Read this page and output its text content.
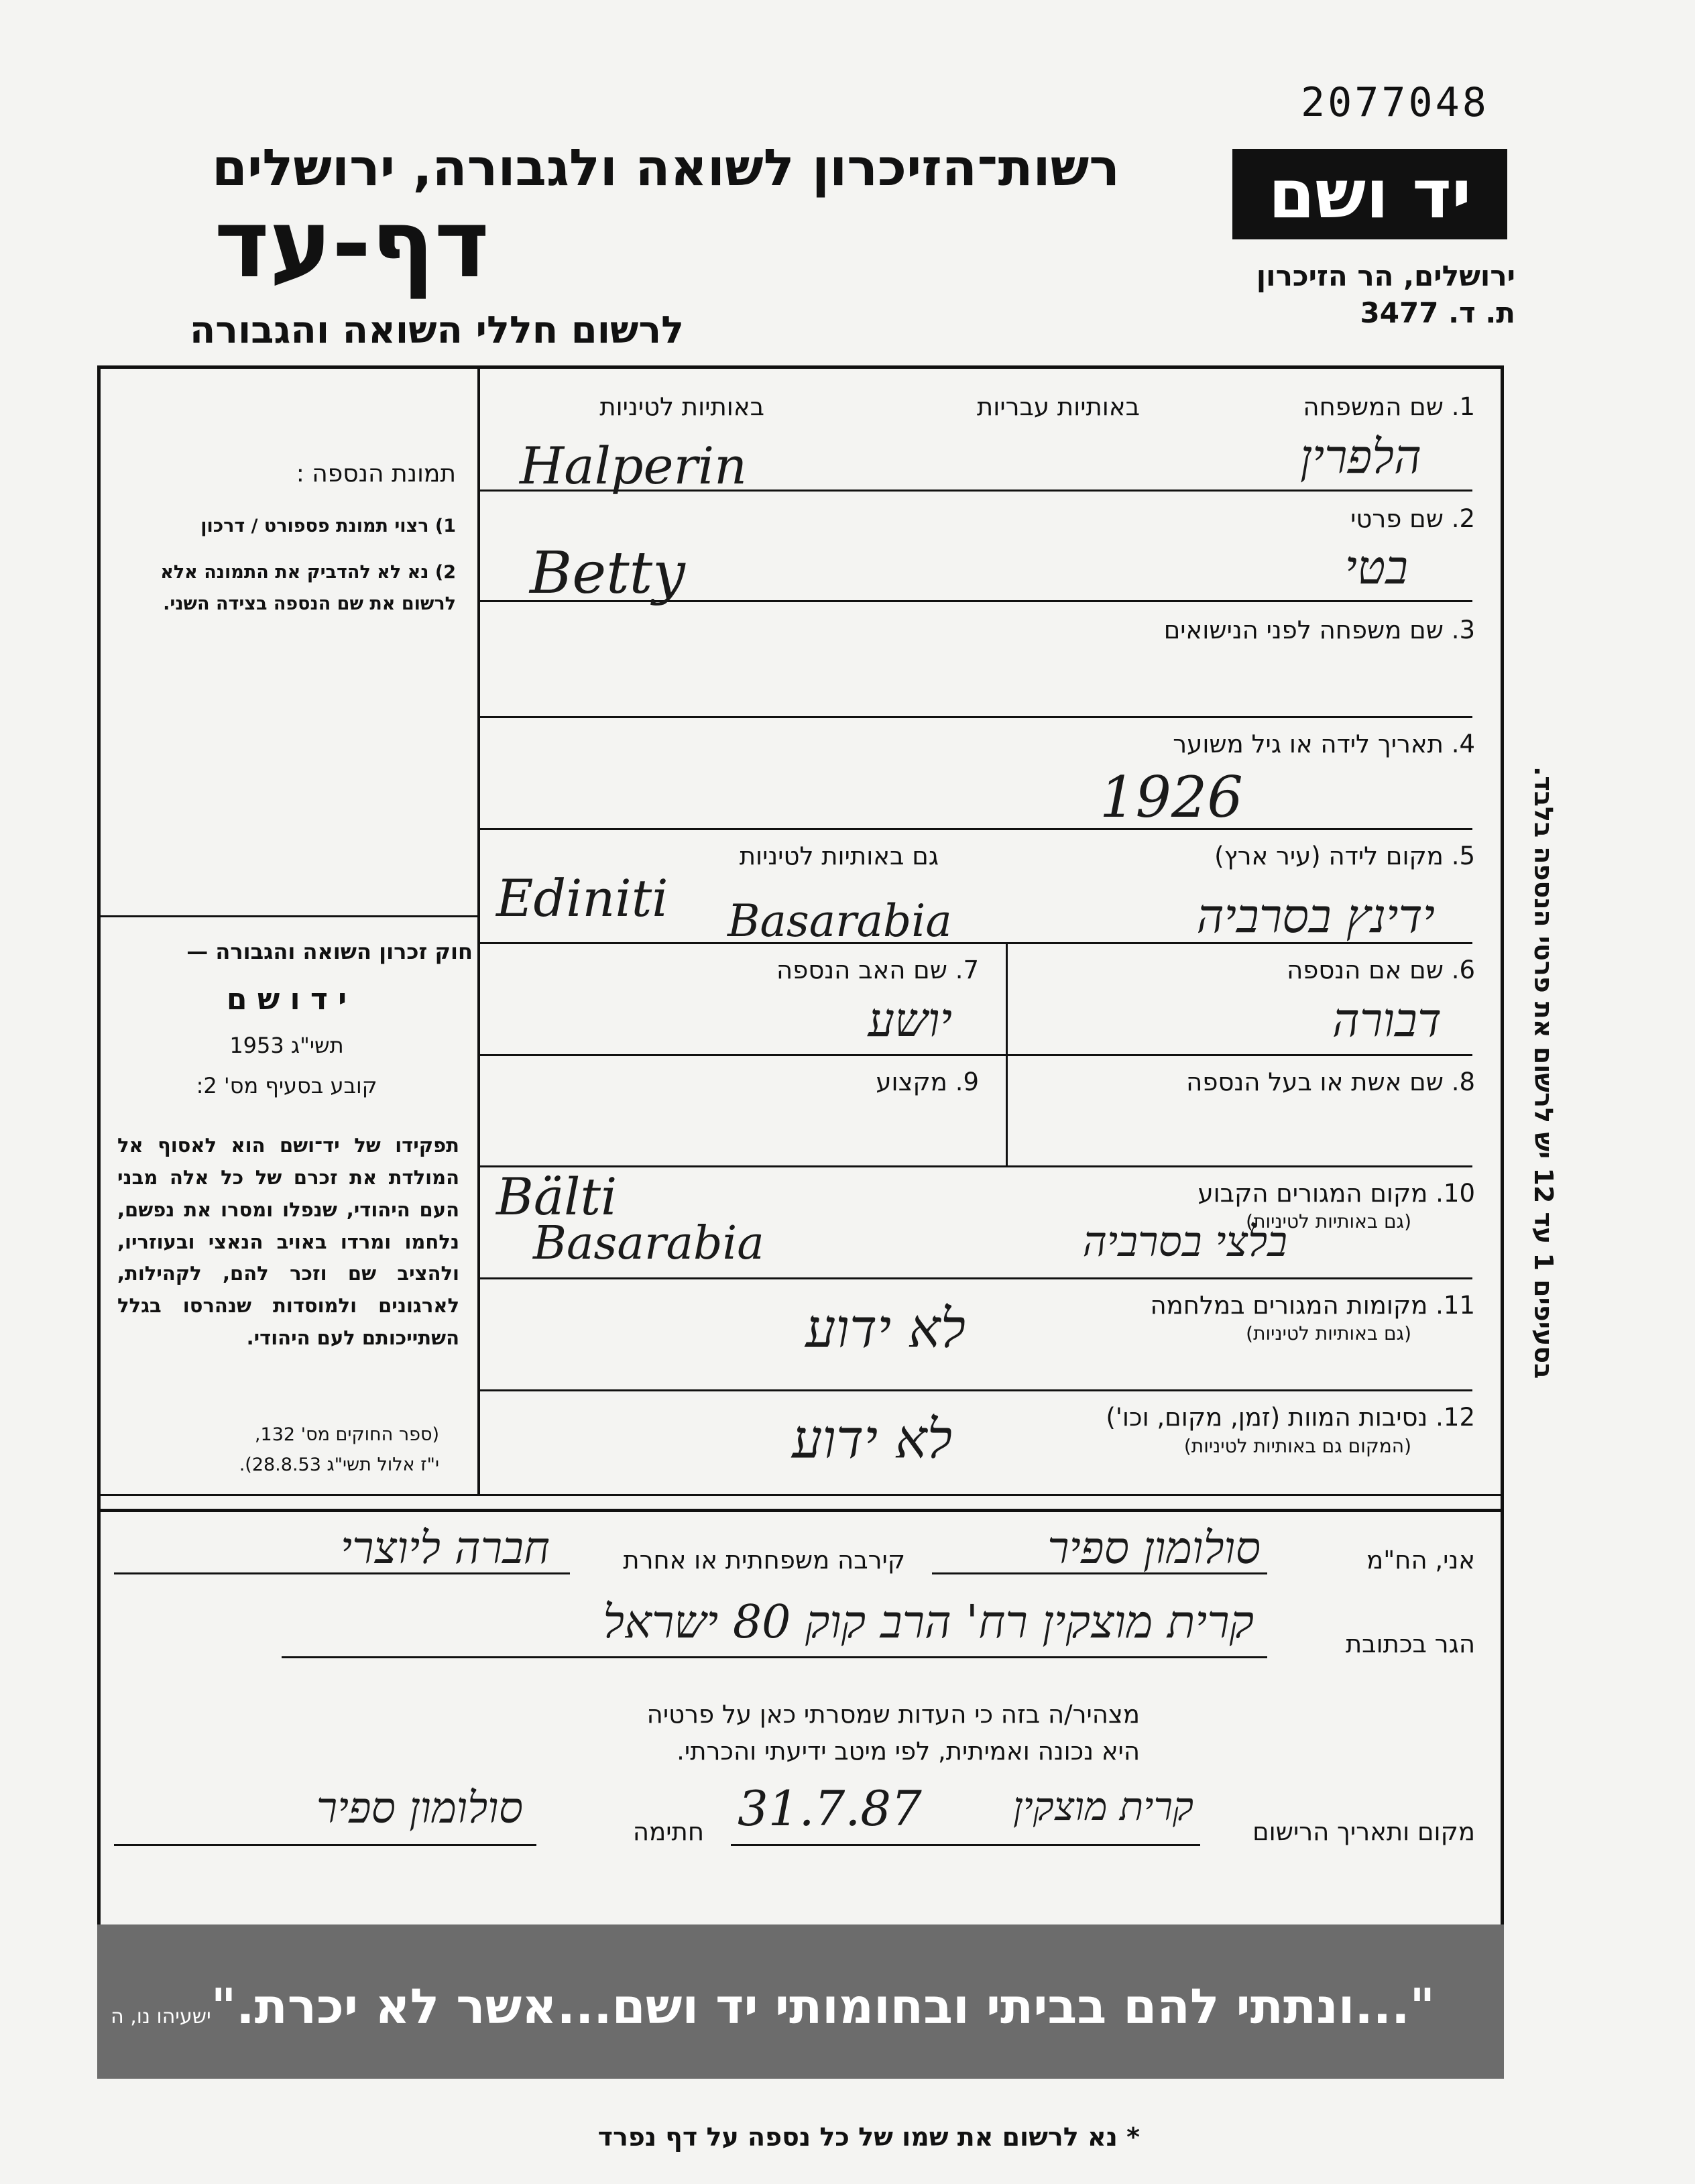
2077048
רשות־הזיכרון לשואה ולגבורה, ירושלים
דף-עד
לרשום חללי השואה והגבורה
יד ושם
ירושלים, הר הזיכרון
ת. ד. 3477
1. שם המשפחה
באותיות עבריות
באותיות לטיניות
Halperin	הלפרין
2. שם פרטי
Betty	בטי
3. שם משפחה לפני הנישואים
4. תאריך לידה או גיל משוער
1926
5. מקום לידה (עיר ארץ)
גם באותיות לטיניות
Ediniti Basarabia	ידינץ בסרביה
6. שם אם הנספה
דבורה
7. שם האב הנספה
יושע
8. שם אשת או בעל הנספה
9. מקצוע
10. מקום המגורים הקבוע
(גם באותיות לטיניות)
Bälti
Basarabia	בלצי בסרביה
11. מקומות המגורים במלחמה
(גם באותיות לטיניות)
לא ידוע
12. נסיבות המוות (זמן, מקום, וכו')
(המקום גם באותיות לטיניות)
לא ידוע
תמונת הנספה :
1) רצוי תמונת פספורט / דרכון
2) נא לא להדביק את התמונה אלא לרשום את שם הנספה בצידה השני.
חוק זכרון השואה והגבורה —
י ד ו ש ם
תשי"ג 1953
קובע בסעיף מס' 2:
תפקידו של יד־ושם הוא לאסוף אל המולדת את זכרם של כל אלה מבני העם היהודי, שנפלו ומסרו את נפשם, נלחמו ומרדו באויב הנאצי ובעוזריו, ולהציב שם וזכר להם, לקהילות, לארגונים ולמוסדות שנהרסו בגלל השתייכותם לעם היהודי.
(ספר החוקים מס' 132,
י"ז אלול תשי"ג 28.8.53).
בסעיפים 1 עד 12 יש לרשום את פרטי הנספה בלבד.
אני, הח"מ
סולומון ספיר
קירבה משפחתית או אחרת
חברה ליוצרי
הגר בכתובת
קרית מוצקין רח' הרב קוק 80 ישראל
מצהיר/ה בזה כי העדות שמסרתי כאן על פרטיה
היא נכונה ואמיתית, לפי מיטב ידיעתי והכרתי.
מקום ותאריך הרישום
קרית מוצקין
31.7.87
חתימה
סולומון ספיר
"...ונתתי להם בביתי ובחומותי יד ושם...אשר לא יכרת."ישעיהו נו, ה
* נא לרשום את שמו של כל נספה על דף נפרד
